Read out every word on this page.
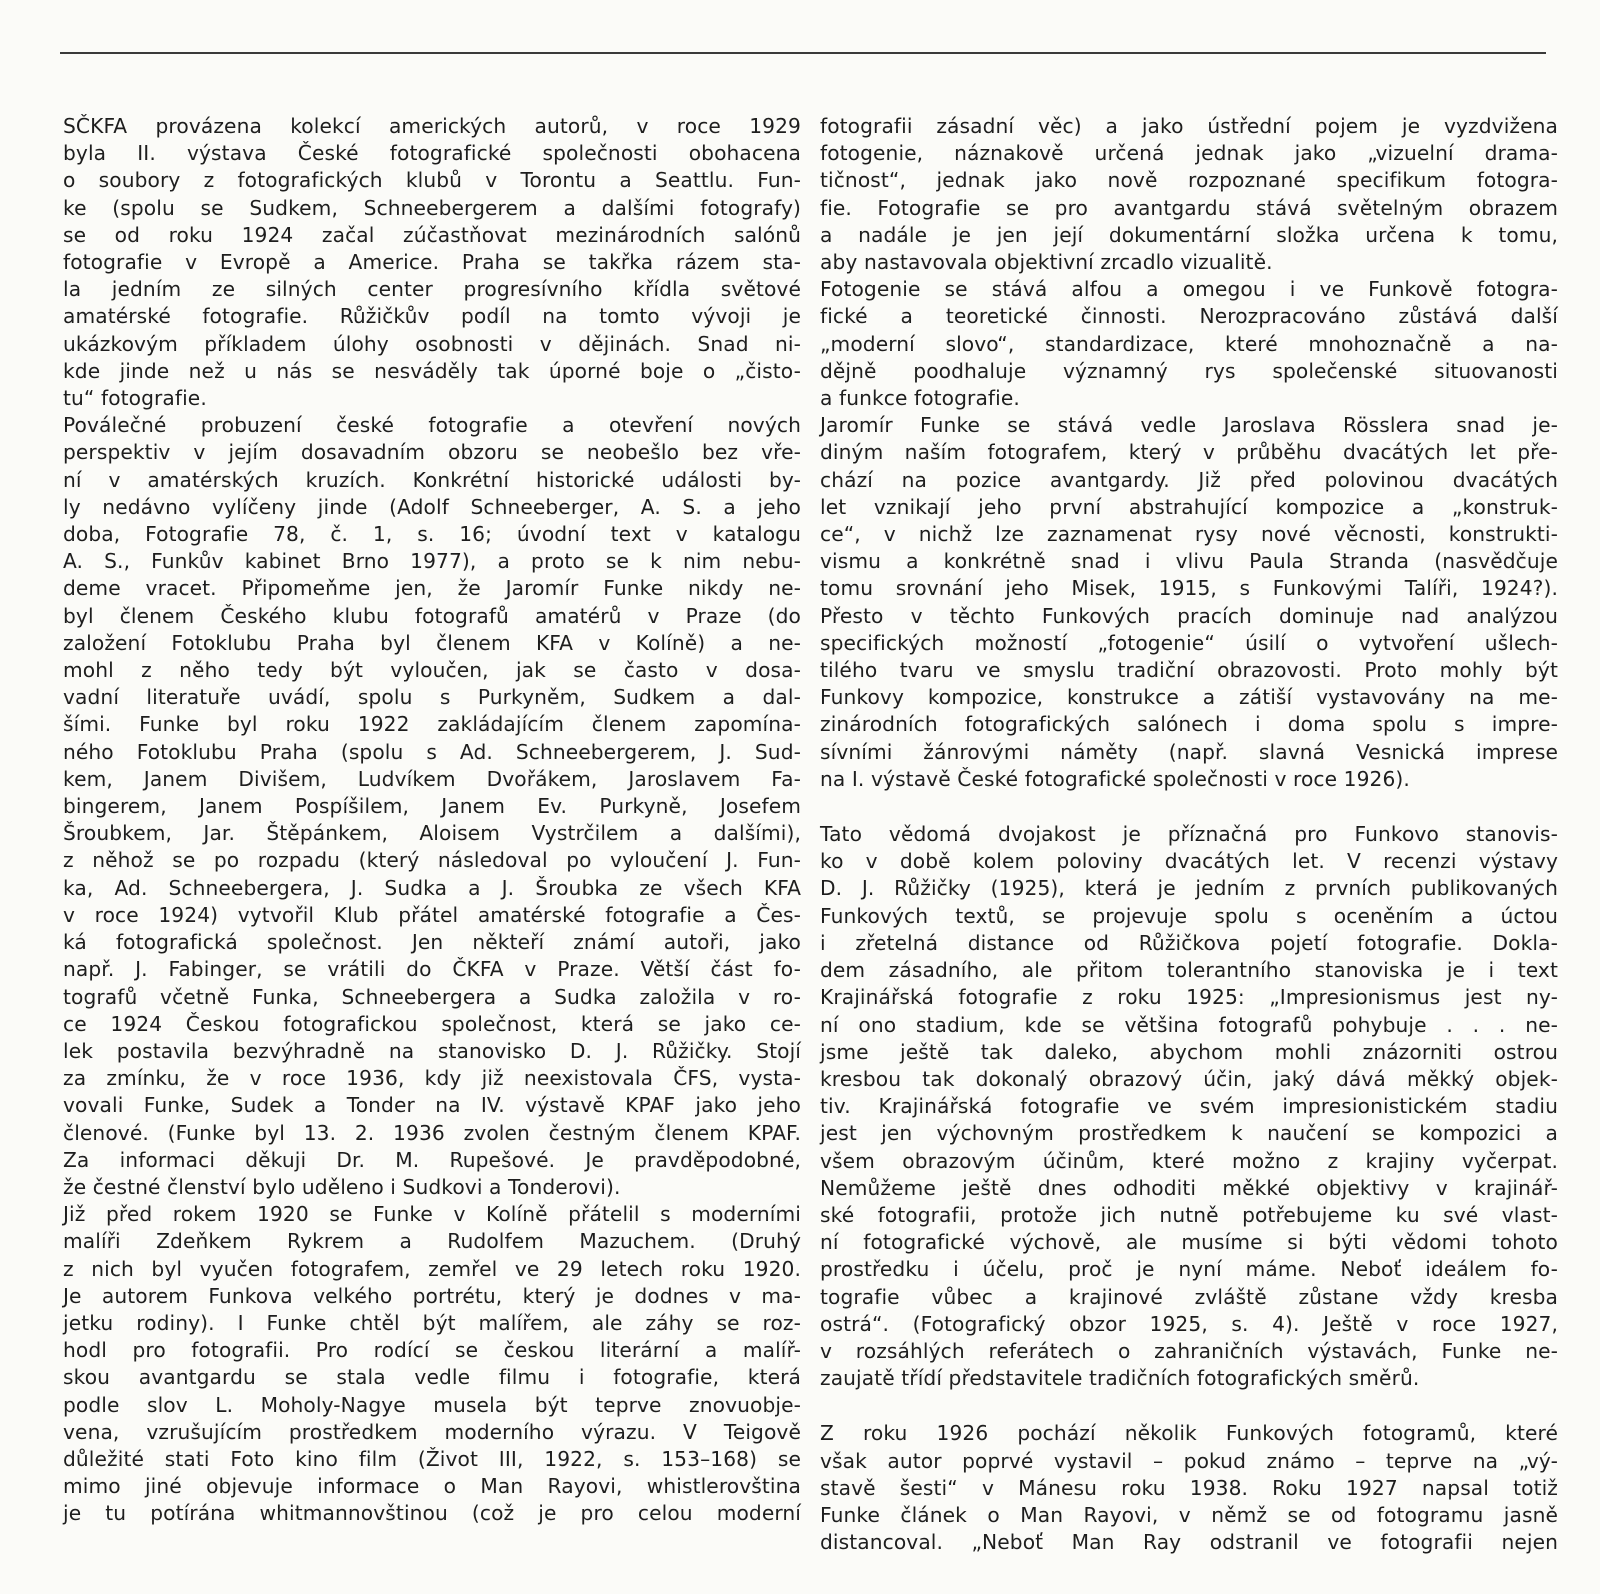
SČKFA provázena kolekcí amerických autorů, v roce 1929

byla II. výstava České fotografické společnosti obohacena

o soubory z fotografických klubů v Torontu a Seattlu. Fun-

ke (spolu se Sudkem, Schneebergerem a dalšími fotografy)

se od roku 1924 začal zúčastňovat mezinárodních salónů

fotografie v Evropě a Americe. Praha se takřka rázem sta-

la jedním ze silných center progresívního křídla světové

amatérské fotografie. Růžičkův podíl na tomto vývoji je

ukázkovým příkladem úlohy osobnosti v dějinách. Snad ni-

kde jinde než u nás se nesváděly tak úporné boje o „čisto-

tu“ fotografie.

Poválečné probuzení české fotografie a otevření nových

perspektiv v jejím dosavadním obzoru se neobešlo bez vře-

ní v amatérských kruzích. Konkrétní historické události by-

ly nedávno vylíčeny jinde (Adolf Schneeberger, A. S. a jeho

doba, Fotografie 78, č. 1, s. 16; úvodní text v katalogu

A. S., Funkův kabinet Brno 1977), a proto se k nim nebu-

deme vracet. Připomeňme jen, že Jaromír Funke nikdy ne-

byl členem Českého klubu fotografů amatérů v Praze (do

založení Fotoklubu Praha byl členem KFA v Kolíně) a ne-

mohl z něho tedy být vyloučen, jak se často v dosa-

vadní literatuře uvádí, spolu s Purkyněm, Sudkem a dal-

šími. Funke byl roku 1922 zakládajícím členem zapomína-

ného Fotoklubu Praha (spolu s Ad. Schneebergerem, J. Sud-

kem, Janem Divišem, Ludvíkem Dvořákem, Jaroslavem Fa-

bingerem, Janem Pospíšilem, Janem Ev. Purkyně, Josefem

Šroubkem, Jar. Štěpánkem, Aloisem Vystrčilem a dalšími),

z něhož se po rozpadu (který následoval po vyloučení J. Fun-

ka, Ad. Schneebergera, J. Sudka a J. Šroubka ze všech KFA

v roce 1924) vytvořil Klub přátel amatérské fotografie a Čes-

ká fotografická společnost. Jen někteří známí autoři, jako

např. J. Fabinger, se vrátili do ČKFA v Praze. Větší část fo-

tografů včetně Funka, Schneebergera a Sudka založila v ro-

ce 1924 Českou fotografickou společnost, která se jako ce-

lek postavila bezvýhradně na stanovisko D. J. Růžičky. Stojí

za zmínku, že v roce 1936, kdy již neexistovala ČFS, vysta-

vovali Funke, Sudek a Tonder na IV. výstavě KPAF jako jeho

členové. (Funke byl 13. 2. 1936 zvolen čestným členem KPAF.

Za informaci děkuji Dr. M. Rupešové. Je pravděpodobné,

že čestné členství bylo uděleno i Sudkovi a Tonderovi).

Již před rokem 1920 se Funke v Kolíně přátelil s moderními

malíři Zdeňkem Rykrem a Rudolfem Mazuchem. (Druhý

z nich byl vyučen fotografem, zemřel ve 29 letech roku 1920.

Je autorem Funkova velkého portrétu, který je dodnes v ma-

jetku rodiny). I Funke chtěl být malířem, ale záhy se roz-

hodl pro fotografii. Pro rodící se českou literární a malíř-

skou avantgardu se stala vedle filmu i fotografie, která

podle slov L. Moholy-Nagye musela být teprve znovuobje-

vena, vzrušujícím prostředkem moderního výrazu. V Teigově

důležité stati Foto kino film (Život III, 1922, s. 153–168) se

mimo jiné objevuje informace o Man Rayovi, whistlerovština

je tu potírána whitmannovštinou (což je pro celou moderní

fotografii zásadní věc) a jako ústřední pojem je vyzdvižena

fotogenie, náznakově určená jednak jako „vizuelní drama-

tičnost“, jednak jako nově rozpoznané specifikum fotogra-

fie. Fotografie se pro avantgardu stává světelným obrazem

a nadále je jen její dokumentární složka určena k tomu,

aby nastavovala objektivní zrcadlo vizualitě.

Fotogenie se stává alfou a omegou i ve Funkově fotogra-

fické a teoretické činnosti. Nerozpracováno zůstává další

„moderní slovo“, standardizace, které mnohoznačně a na-

dějně poodhaluje významný rys společenské situovanosti

a funkce fotografie.

Jaromír Funke se stává vedle Jaroslava Rösslera snad je-

diným naším fotografem, který v průběhu dvacátých let pře-

chází na pozice avantgardy. Již před polovinou dvacátých

let vznikají jeho první abstrahující kompozice a „konstruk-

ce“, v nichž lze zaznamenat rysy nové věcnosti, konstrukti-

vismu a konkrétně snad i vlivu Paula Stranda (nasvědčuje

tomu srovnání jeho Misek, 1915, s Funkovými Talíři, 1924?).

Přesto v těchto Funkových pracích dominuje nad analýzou

specifických možností „fotogenie“ úsilí o vytvoření ušlech-

tilého tvaru ve smyslu tradiční obrazovosti. Proto mohly být

Funkovy kompozice, konstrukce a zátiší vystavovány na me-

zinárodních fotografických salónech i doma spolu s impre-

sívními žánrovými náměty (např. slavná Vesnická imprese

na I. výstavě České fotografické společnosti v roce 1926).

Tato vědomá dvojakost je příznačná pro Funkovo stanovis-

ko v době kolem poloviny dvacátých let. V recenzi výstavy

D. J. Růžičky (1925), která je jedním z prvních publikovaných

Funkových textů, se projevuje spolu s oceněním a úctou

i zřetelná distance od Růžičkova pojetí fotografie. Doklа-

dem zásadního, ale přitom tolerantního stanoviska je i text

Krajinářská fotografie z roku 1925: „Impresionismus jest ny-

ní ono stadium, kde se většina fotografů pohybuje . . . ne-

jsme ještě tak daleko, abychom mohli znázorniti ostrou

kresbou tak dokonalý obrazový účin, jaký dává měkký objek-

tiv. Krajinářská fotografie ve svém impresionistickém stadiu

jest jen výchovným prostředkem k naučení se kompozici a

všem obrazovým účinům, které možno z krajiny vyčerpat.

Nemůžeme ještě dnes odhoditi měkké objektivy v krajinář-

ské fotografii, protože jich nutně potřebujeme ku své vlast-

ní fotografické výchově, ale musíme si býti vědomi tohoto

prostředku i účelu, proč je nyní máme. Neboť ideálem fo-

tografie vůbec a krajinové zvláště zůstane vždy kresba

ostrá“. (Fotografický obzor 1925, s. 4). Ještě v roce 1927,

v rozsáhlých referátech o zahraničních výstavách, Funke ne-

zaujatě třídí představitele tradičních fotografických směrů.

Z roku 1926 pochází několik Funkových fotogramů, které

však autor poprvé vystavil – pokud známo – teprve na „vý-

stavě šesti“ v Mánesu roku 1938. Roku 1927 napsal totiž

Funke článek o Man Rayovi, v němž se od fotogramu jasně

distancoval. „Neboť Man Ray odstranil ve fotografii nejen
